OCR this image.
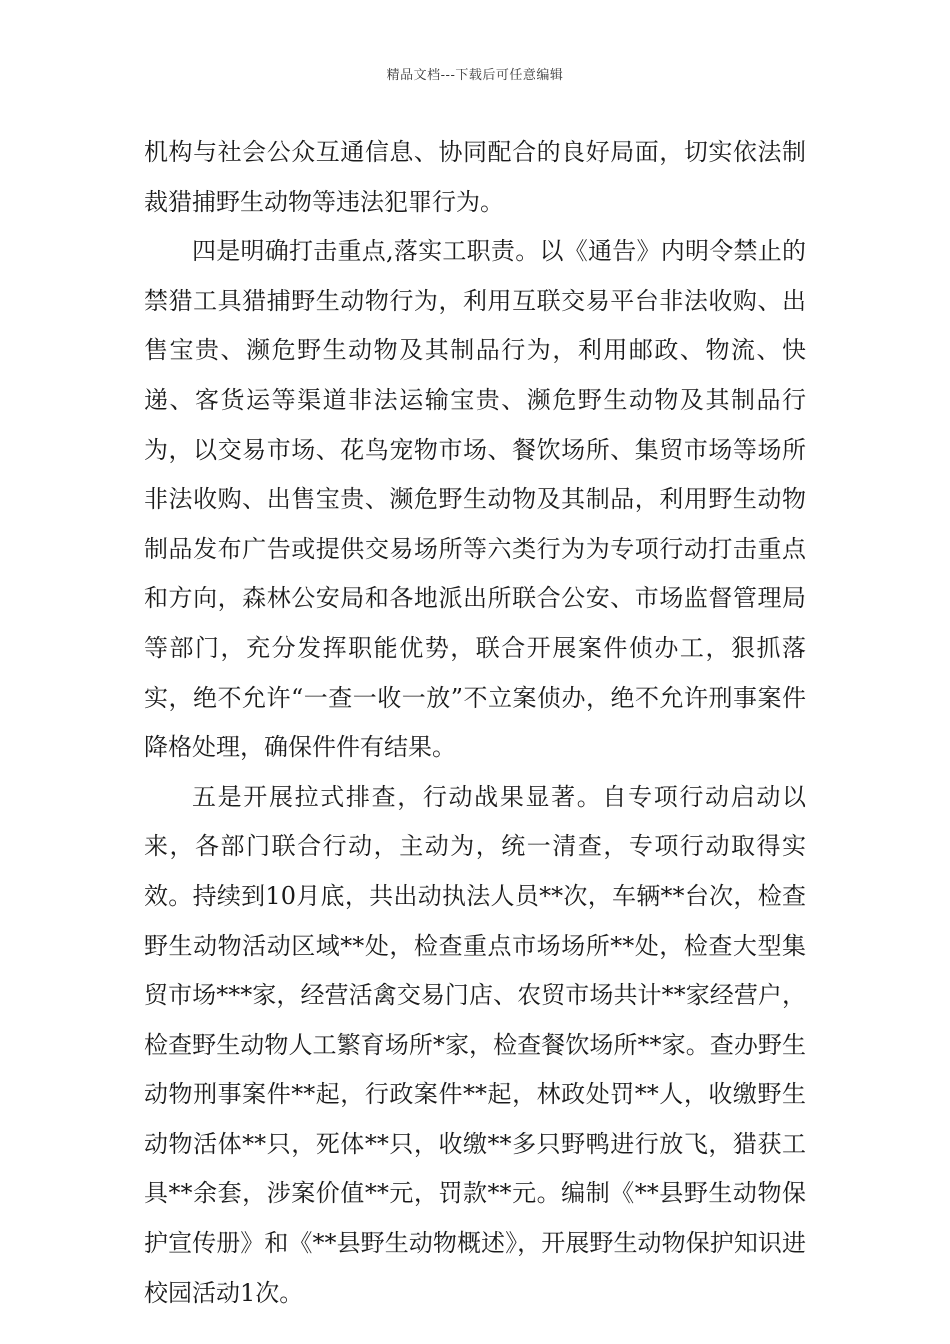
精品文档---下载后可任意编辑

机构与社会公众互通信息、协同配合的良好局面，切实依法制裁猎捕野生动物等违法犯罪行为。

四是明确打击重点,落实工职责。以《通告》内明令禁止的禁猎工具猎捕野生动物行为，利用互联交易平台非法收购、出售宝贵、濒危野生动物及其制品行为，利用邮政、物流、快递、客货运等渠道非法运输宝贵、濒危野生动物及其制品行为，以交易市场、花鸟宠物市场、餐饮场所、集贸市场等场所非法收购、出售宝贵、濒危野生动物及其制品，利用野生动物制品发布广告或提供交易场所等六类行为为专项行动打击重点和方向，森林公安局和各地派出所联合公安、市场监督管理局等部门，充分发挥职能优势，联合开展案件侦办工，狠抓落实，绝不允许“一查一收一放”不立案侦办，绝不允许刑事案件降格处理，确保件件有结果。

五是开展拉式排查，行动战果显著。自专项行动启动以来，各部门联合行动，主动为，统一清查，专项行动取得实效。持续到10月底，共出动执法人员**次，车辆**台次，检查野生动物活动区域**处，检查重点市场场所**处，检查大型集贸市场***家，经营活禽交易门店、农贸市场共计**家经营户，检查野生动物人工繁育场所*家，检查餐饮场所**家。查办野生动物刑事案件**起，行政案件**起，林政处罚**人，收缴野生动物活体**只，死体**只，收缴**多只野鸭进行放飞，猎获工具**余套，涉案价值**元，罚款**元。编制《**县野生动物保护宣传册》和《**县野生动物概述》，开展野生动物保护知识进校园活动1次。
